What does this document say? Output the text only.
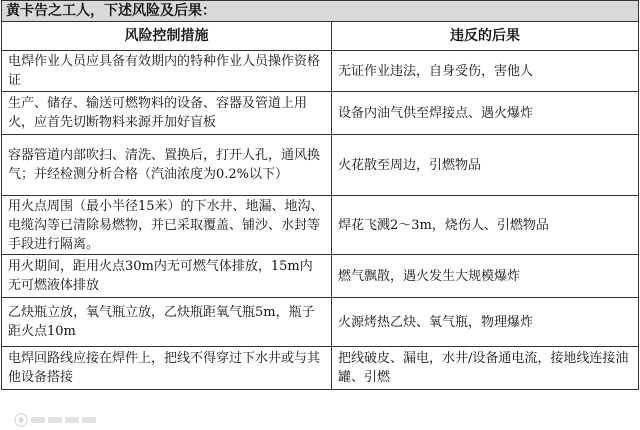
黄卡告之工人，下述风险及后果：	
风险控制措施	违反的后果
电焊作业人员应具备有效期内的特种作业人员操作资格证	无证作业违法，自身受伤，害他人
生产、储存、输送可燃物料的设备、容器及管道上用火，应首先切断物料来源并加好盲板	设备内油气供至焊接点、遇火爆炸
容器管道内部吹扫、清洗、置换后，打开人孔，通风换气；并经检测分析合格（汽油浓度为0.2%以下）	火花散至周边，引燃物品
用火点周围（最小半径15米）的下水井、地漏、地沟、电缆沟等已清除易燃物，并已采取覆盖、铺沙、水封等手段进行隔离。	焊花飞溅2～3m，烧伤人、引燃物品
用火期间，距用火点30m内无可燃气体排放，15m内无可燃液体排放	燃气飘散，遇火发生大规模爆炸
乙炔瓶立放，氧气瓶立放，乙炔瓶距氧气瓶5m，瓶子距火点10m	火源烤热乙炔、氧气瓶，物理爆炸
电焊回路线应接在焊件上，把线不得穿过下水井或与其他设备搭接	把线破皮、漏电，水井/设备通电流，接地线连接油罐、引燃
